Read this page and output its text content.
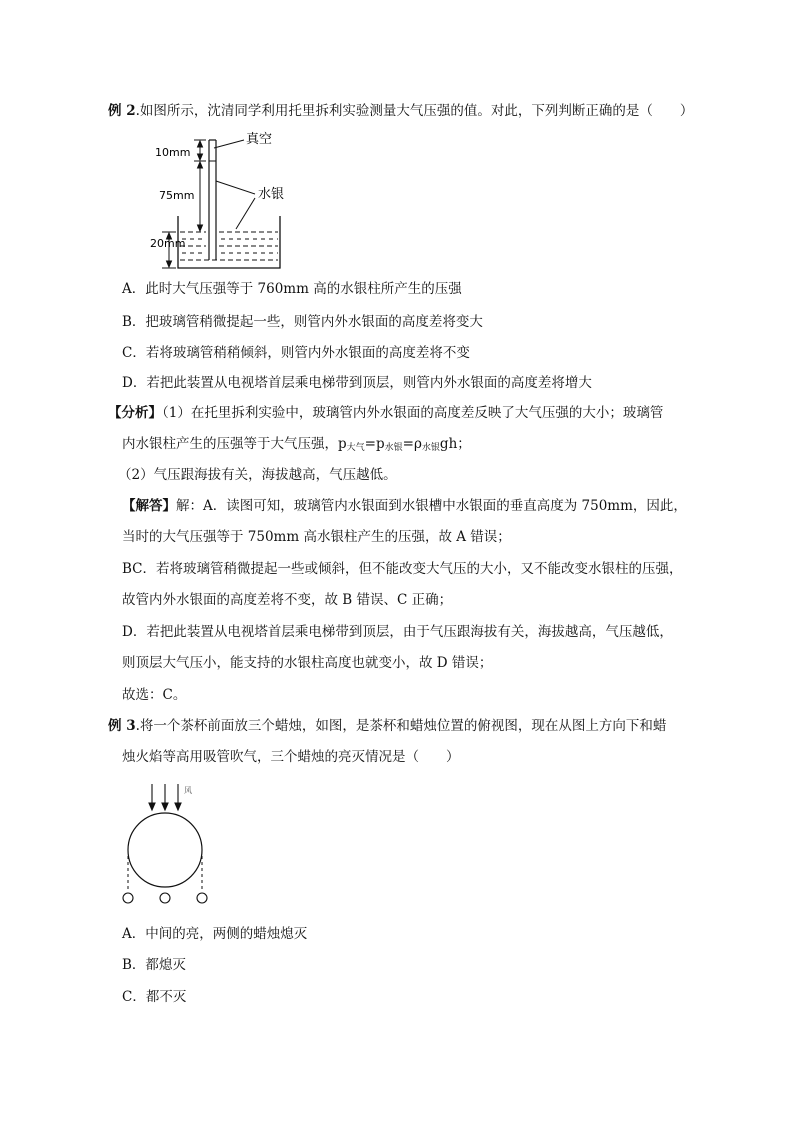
例 2.如图所示，沈清同学利用托里拆利实验测量大气压强的值。对此，下列判断正确的是（　　）
真空
水银
10mm
75mm
20mm
A．此时大气压强等于 760mm 高的水银柱所产生的压强
B．把玻璃管稍微提起一些，则管内外水银面的高度差将变大
C．若将玻璃管稍稍倾斜，则管内外水银面的高度差将不变
D．若把此装置从电视塔首层乘电梯带到顶层，则管内外水银面的高度差将增大
【分析】（1）在托里拆利实验中，玻璃管内外水银面的高度差反映了大气压强的大小；玻璃管
内水银柱产生的压强等于大气压强，$p_{大气}=p_{水银}=\rho_{水银}gh$；
（2）气压跟海拔有关，海拔越高，气压越低。
【解答】解：A．读图可知，玻璃管内水银面到水银槽中水银面的垂直高度为 750mm，因此，
当时的大气压强等于 750mm 高水银柱产生的压强，故 A 错误；
BC．若将玻璃管稍微提起一些或倾斜，但不能改变大气压的大小，又不能改变水银柱的压强，
故管内外水银面的高度差将不变，故 B 错误、C 正确；
D．若把此装置从电视塔首层乘电梯带到顶层，由于气压跟海拔有关，海拔越高，气压越低，
则顶层大气压小，能支持的水银柱高度也就变小，故 D 错误；
故选：C。
例 3.将一个茶杯前面放三个蜡烛，如图，是茶杯和蜡烛位置的俯视图，现在从图上方向下和蜡
烛火焰等高用吸管吹气，三个蜡烛的亮灭情况是（　　）
风
A．中间的亮，两侧的蜡烛熄灭
B．都熄灭
C．都不灭
